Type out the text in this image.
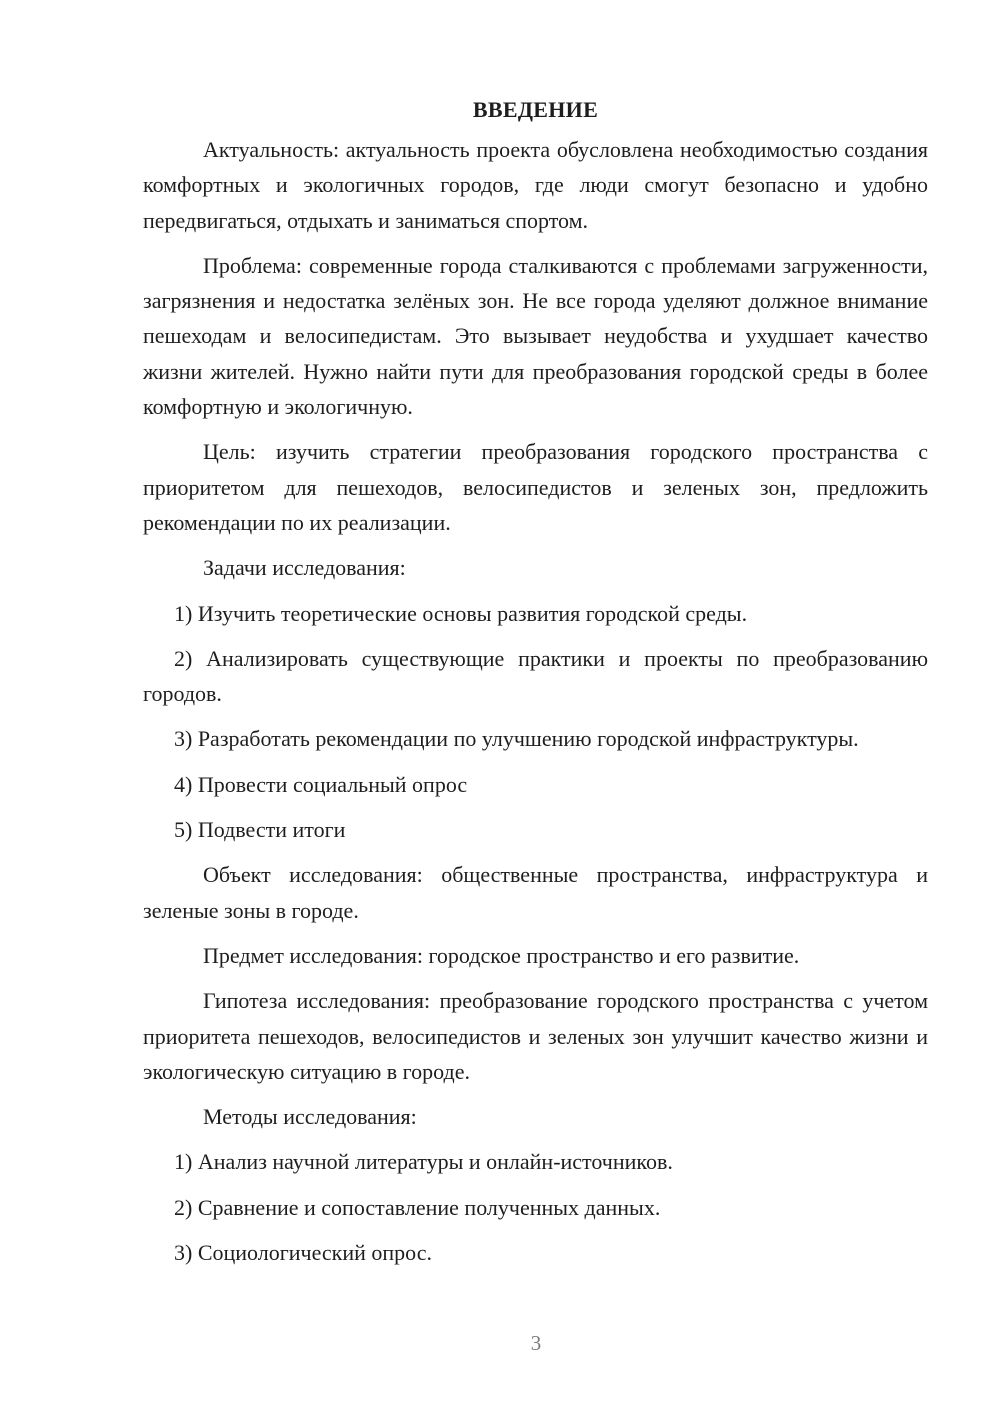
ВВЕДЕНИЕ

Актуальность: актуальность проекта обусловлена необходимостью создания комфортных и экологичных городов, где люди смогут безопасно и удобно передвигаться, отдыхать и заниматься спортом.

Проблема: современные города сталкиваются с проблемами загруженности, загрязнения и недостатка зелёных зон. Не все города уделяют должное внимание пешеходам и велосипедистам. Это вызывает неудобства и ухудшает качество жизни жителей. Нужно найти пути для преобразования городской среды в более комфортную и экологичную.

Цель: изучить стратегии преобразования городского пространства с приоритетом для пешеходов, велосипедистов и зеленых зон, предложить рекомендации по их реализации.

Задачи исследования:

1) Изучить теоретические основы развития городской среды.

2) Анализировать существующие практики и проекты по преобразованию городов.

3) Разработать рекомендации по улучшению городской инфраструктуры.

4) Провести социальный опрос

5) Подвести итоги

Объект исследования: общественные пространства, инфраструктура и зеленые зоны в городе.

Предмет исследования: городское пространство и его развитие.

Гипотеза исследования: преобразование городского пространства с учетом приоритета пешеходов, велосипедистов и зеленых зон улучшит качество жизни и экологическую ситуацию в городе.

Методы исследования:

1) Анализ научной литературы и онлайн-источников.

2) Сравнение и сопоставление полученных данных.

3) Социологический опрос.

3
